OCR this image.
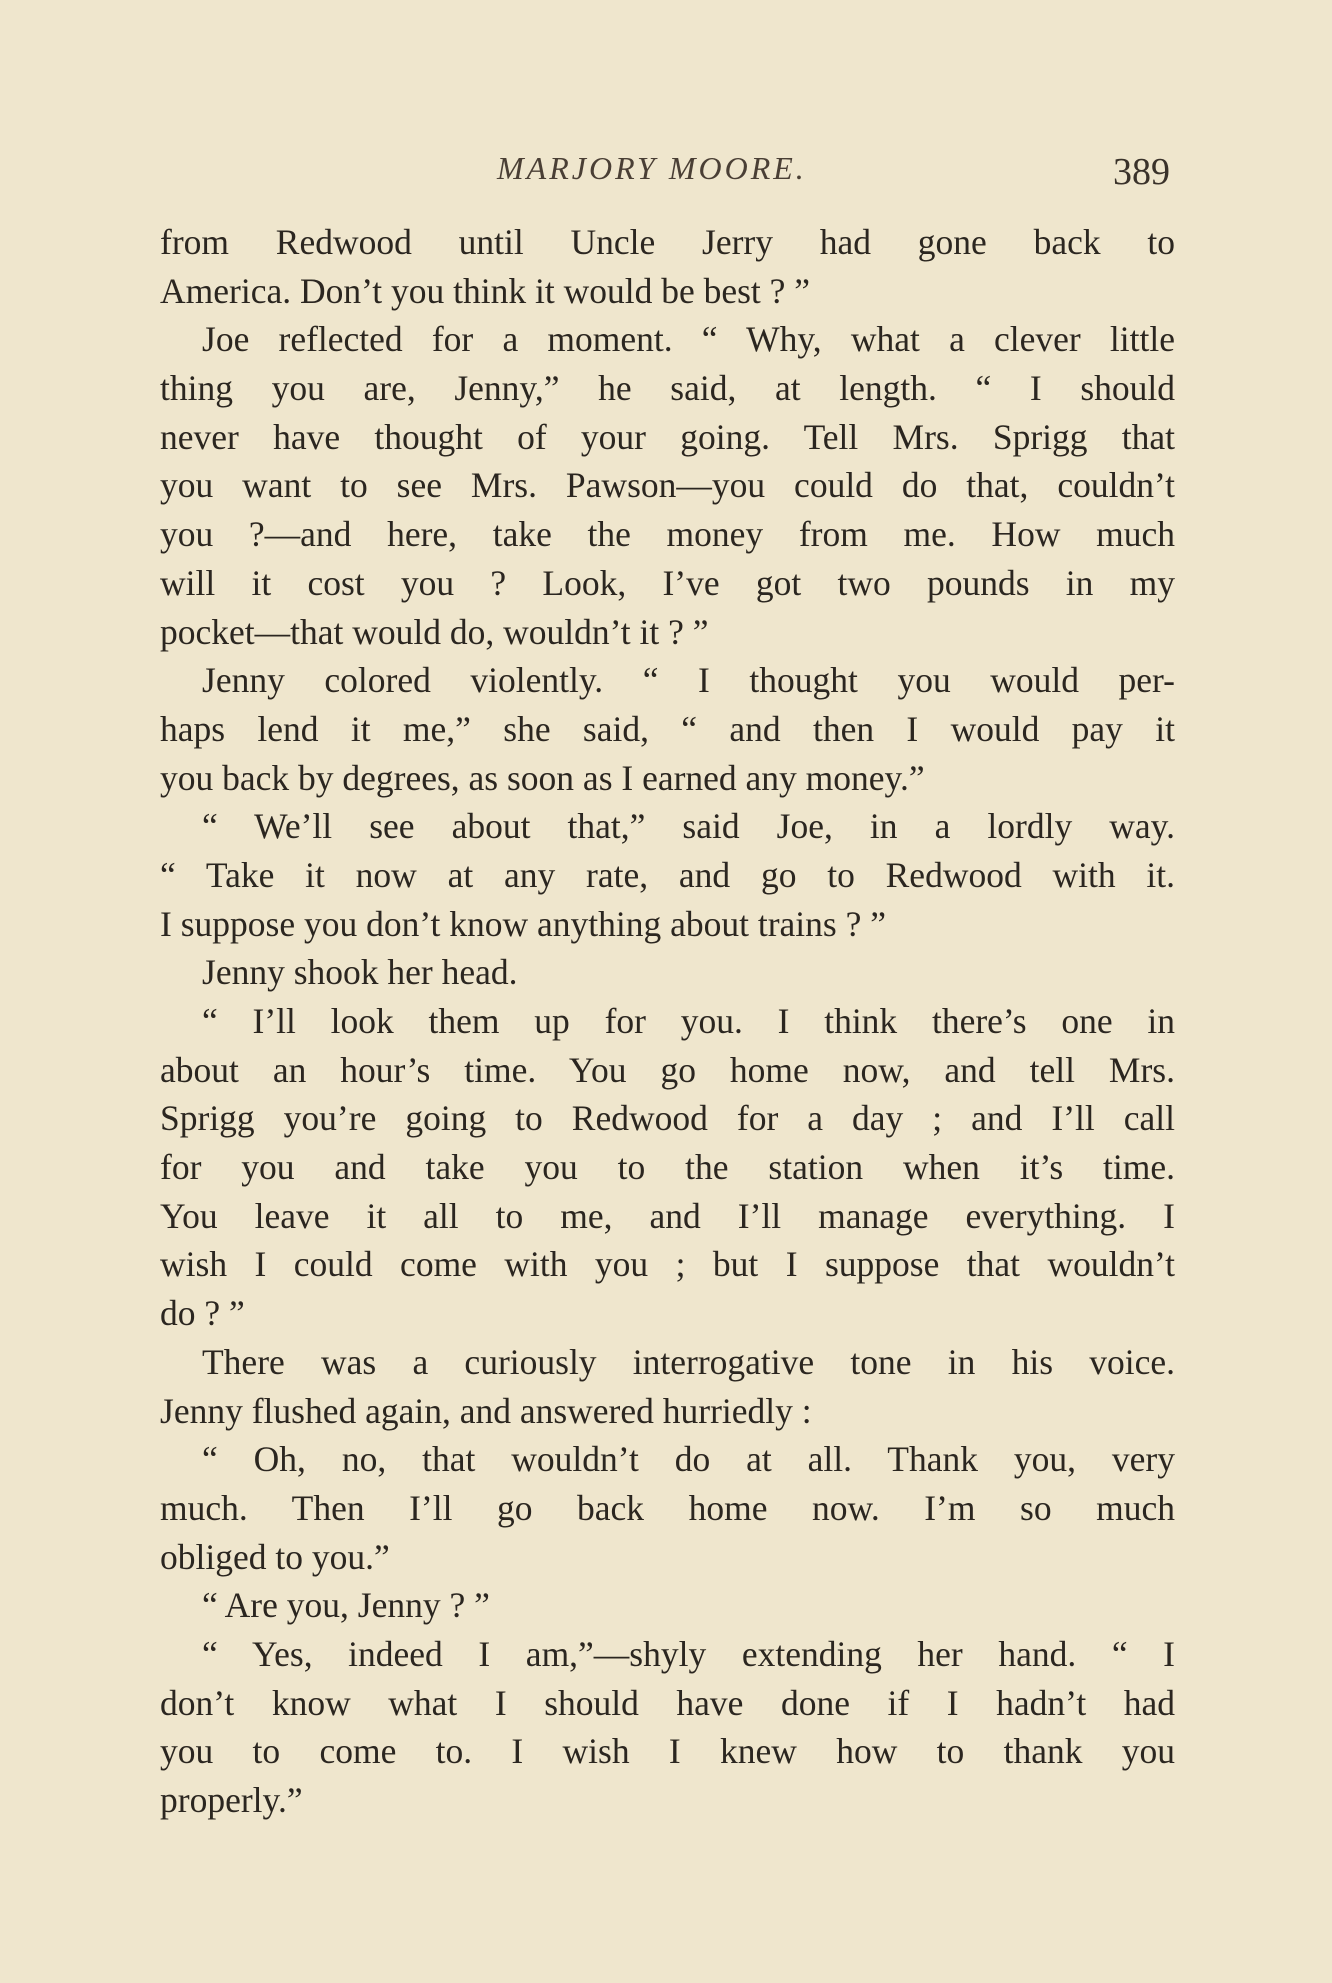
MARJORY MOORE.	389
from Redwood until Uncle Jerry had gone back to
America. Don’t you think it would be best ? ”
Joe reflected for a moment. “ Why, what a clever little
thing you are, Jenny,” he said, at length. “ I should
never have thought of your going. Tell Mrs. Sprigg that
you want to see Mrs. Pawson—you could do that, couldn’t
you ?—and here, take the money from me. How much
will it cost you ? Look, I’ve got two pounds in my
pocket—that would do, wouldn’t it ? ”
Jenny colored violently. “ I thought you would per-
haps lend it me,” she said, “ and then I would pay it
you back by degrees, as soon as I earned any money.”
“ We’ll see about that,” said Joe, in a lordly way.
“ Take it now at any rate, and go to Redwood with it.
I suppose you don’t know anything about trains ? ”
Jenny shook her head.
“ I’ll look them up for you. I think there’s one in
about an hour’s time. You go home now, and tell Mrs.
Sprigg you’re going to Redwood for a day ; and I’ll call
for you and take you to the station when it’s time.
You leave it all to me, and I’ll manage everything. I
wish I could come with you ; but I suppose that wouldn’t
do ? ”
There was a curiously interrogative tone in his voice.
Jenny flushed again, and answered hurriedly :
“ Oh, no, that wouldn’t do at all. Thank you, very
much. Then I’ll go back home now. I’m so much
obliged to you.”
“ Are you, Jenny ? ”
“ Yes, indeed I am,”—shyly extending her hand. “ I
don’t know what I should have done if I hadn’t had
you to come to. I wish I knew how to thank you
properly.”
